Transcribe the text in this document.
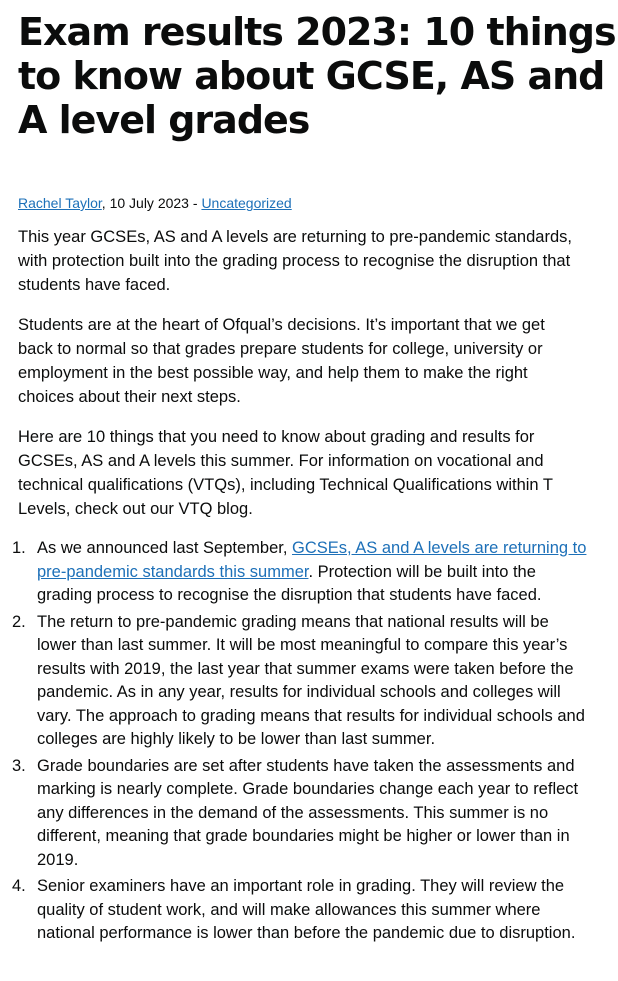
Exam results 2023: 10 things
to know about GCSE, AS and
A level grades
Rachel Taylor, 10 July 2023 - Uncategorized

This year GCSEs, AS and A levels are returning to pre-pandemic standards,
with protection built into the grading process to recognise the disruption that
students have faced.

Students are at the heart of Ofqual’s decisions. It’s important that we get
back to normal so that grades prepare students for college, university or
employment in the best possible way, and help them to make the right
choices about their next steps.

Here are 10 things that you need to know about grading and results for
GCSEs, AS and A levels this summer. For information on vocational and
technical qualifications (VTQs), including Technical Qualifications within T
Levels, check out our VTQ blog.

1. As we announced last September, GCSEs, AS and A levels are returning to
pre-pandemic standards this summer. Protection will be built into the
grading process to recognise the disruption that students have faced.
2. The return to pre-pandemic grading means that national results will be
lower than last summer. It will be most meaningful to compare this year’s
results with 2019, the last year that summer exams were taken before the
pandemic. As in any year, results for individual schools and colleges will
vary. The approach to grading means that results for individual schools and
colleges are highly likely to be lower than last summer.
3. Grade boundaries are set after students have taken the assessments and
marking is nearly complete. Grade boundaries change each year to reflect
any differences in the demand of the assessments. This summer is no
different, meaning that grade boundaries might be higher or lower than in
2019.
4. Senior examiners have an important role in grading. They will review the
quality of student work, and will make allowances this summer where
national performance is lower than before the pandemic due to disruption.
